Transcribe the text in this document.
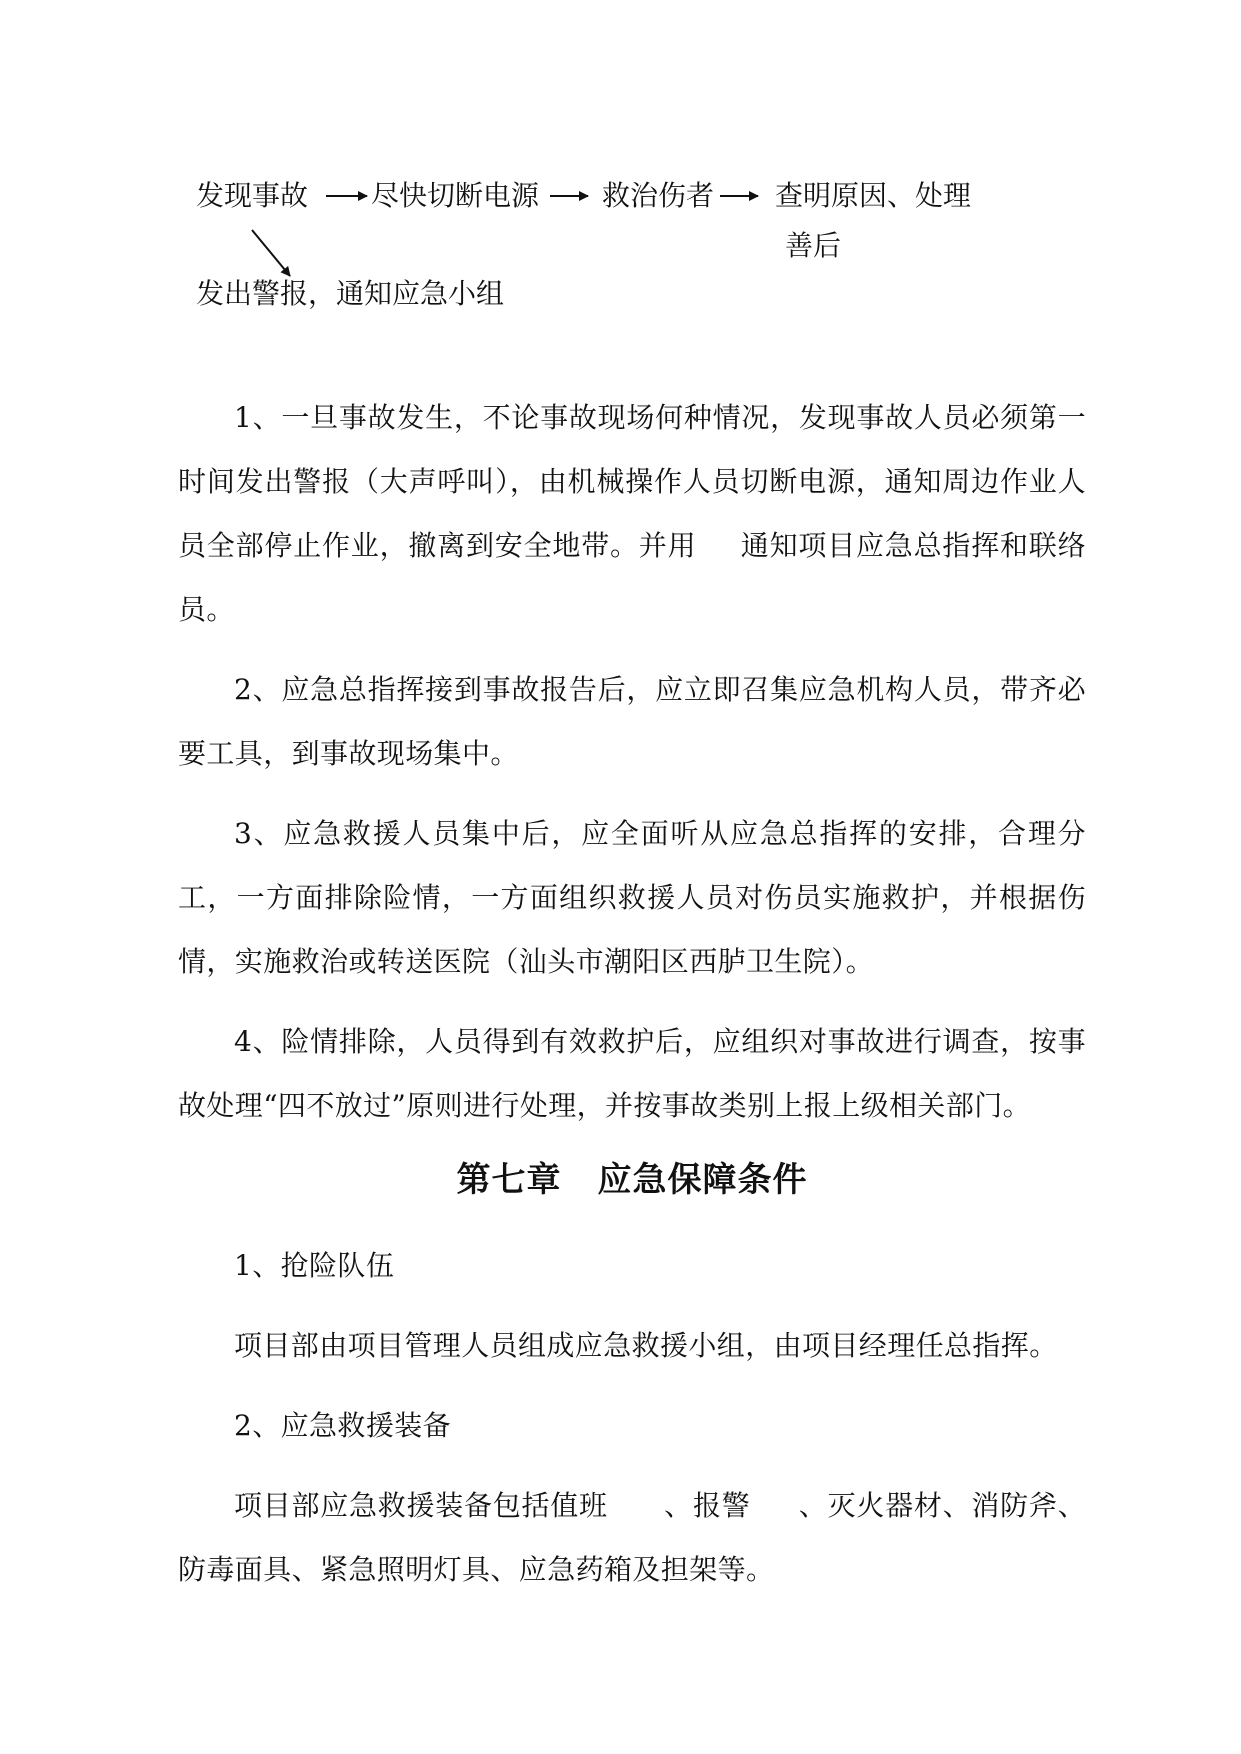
发现事故 尽快切断电源 救治伤者 查明原因、处理
善后
发出警报，通知应急小组

1、一旦事故发生，不论事故现场何种情况，发现事故人员必须第一时间发出警报（大声呼叫），由机械操作人员切断电源，通知周边作业人员全部停止作业，撤离到安全地带。并用 通知项目应急总指挥和联络员。

2、应急总指挥接到事故报告后，应立即召集应急机构人员，带齐必要工具，到事故现场集中。

3、应急救援人员集中后，应全面听从应急总指挥的安排，合理分工，一方面排除险情，一方面组织救援人员对伤员实施救护，并根据伤情，实施救治或转送医院（汕头市潮阳区西胪卫生院）。

4、险情排除，人员得到有效救护后，应组织对事故进行调查，按事故处理“四不放过”原则进行处理，并按事故类别上报上级相关部门。

第七章 应急保障条件

1、抢险队伍

项目部由项目管理人员组成应急救援小组，由项目经理任总指挥。

2、应急救援装备

项目部应急救援装备包括值班 、报警 、灭火器材、消防斧、防毒面具、紧急照明灯具、应急药箱及担架等。
